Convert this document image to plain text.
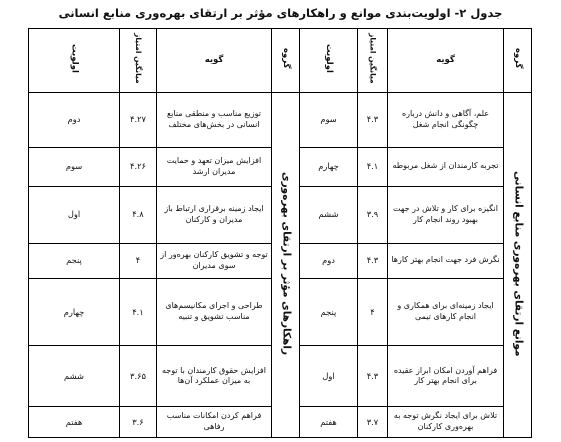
جدول ۲- اولویت‌بندی موانع و راهکارهای مؤثر بر ارتقای بهره‌وری منابع انسانی
گروه	گویه	میانگین امتیاز	اولویت	گروه	گویه	میانگین امتیاز	اولویت
موانع ارتقای بهره‌وری منابع انسانی	علم، آگاهی و دانش درباره چگونگی انجام شغل	۴.۳	سوم	راهکارهای مؤثر بر ارتقای بهره‌وری	توزیع مناسب و منطقی منابع انسانی در بخش‌های مختلف	۴.۲۷	دوم
	تجربه کارمندان از شغل مربوطه	۴.۱	چهارم		افزایش میزان تعهد و حمایت مدیران ارشد	۴.۲۶	سوم
	انگیزه برای کار و تلاش در جهت بهبود روند انجام کار	۳.۹	ششم		ایجاد زمینه برقراری ارتباط باز مدیران و کارکنان	۴.۸	اول
	نگرش فرد جهت انجام بهتر کارها	۴.۳	دوم		توجه و تشویق کارکنان بهره‌ور از سوی مدیران	۴	پنجم
	ایجاد زمینه‌ای برای همکاری و انجام کارهای تیمی	۴	پنجم		طراحی و اجرای مکانیسم‌های مناسب تشویق و تنبیه	۴.۱	چهارم
	فراهم آوردن امکان ابراز عقیده برای انجام بهتر کار	۴.۳	اول		افزایش حقوق کارمندان با توجه به میزان عملکرد آن‌ها	۳.۶۵	ششم
	تلاش برای ایجاد نگرش توجه به بهره‌وری کارکنان	۳.۷	هفتم		فراهم کردن امکانات مناسب رفاهی	۳.۶	هفتم
